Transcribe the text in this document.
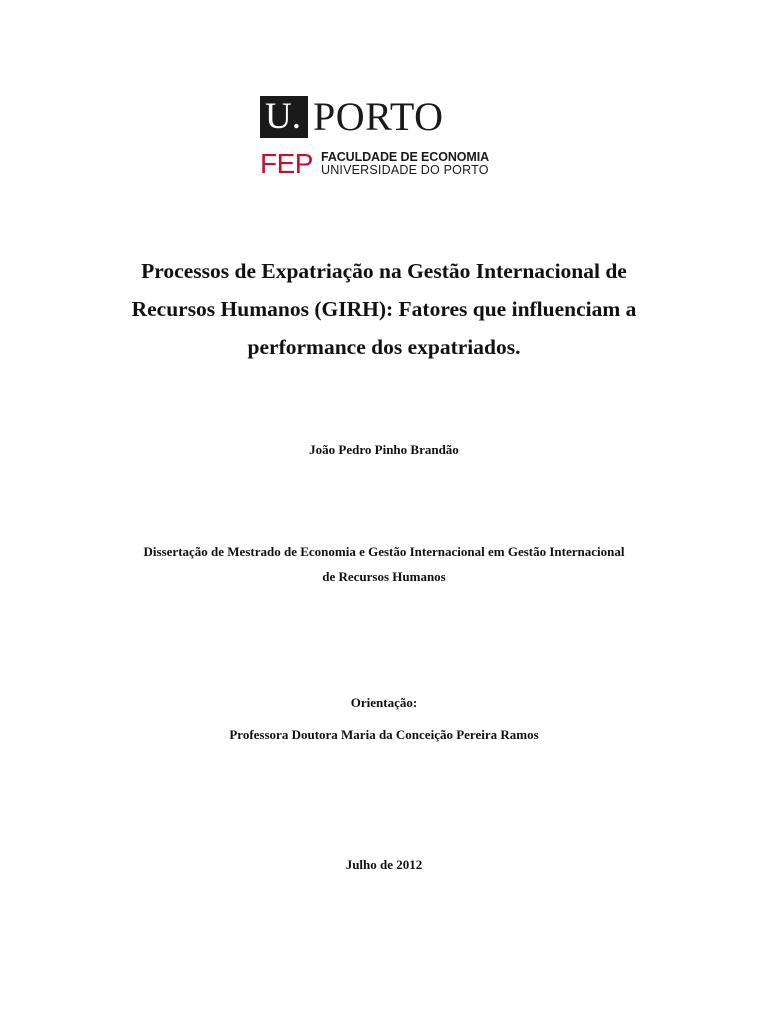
U. PORTO
FEP FACULDADE DE ECONOMIA
UNIVERSIDADE DO PORTO
Processos de Expatriação na Gestão Internacional de
Recursos Humanos (GIRH): Fatores que influenciam a
performance dos expatriados.
João Pedro Pinho Brandão
Dissertação de Mestrado de Economia e Gestão Internacional em Gestão Internacional
de Recursos Humanos
Orientação:
Professora Doutora Maria da Conceição Pereira Ramos
Julho de 2012
